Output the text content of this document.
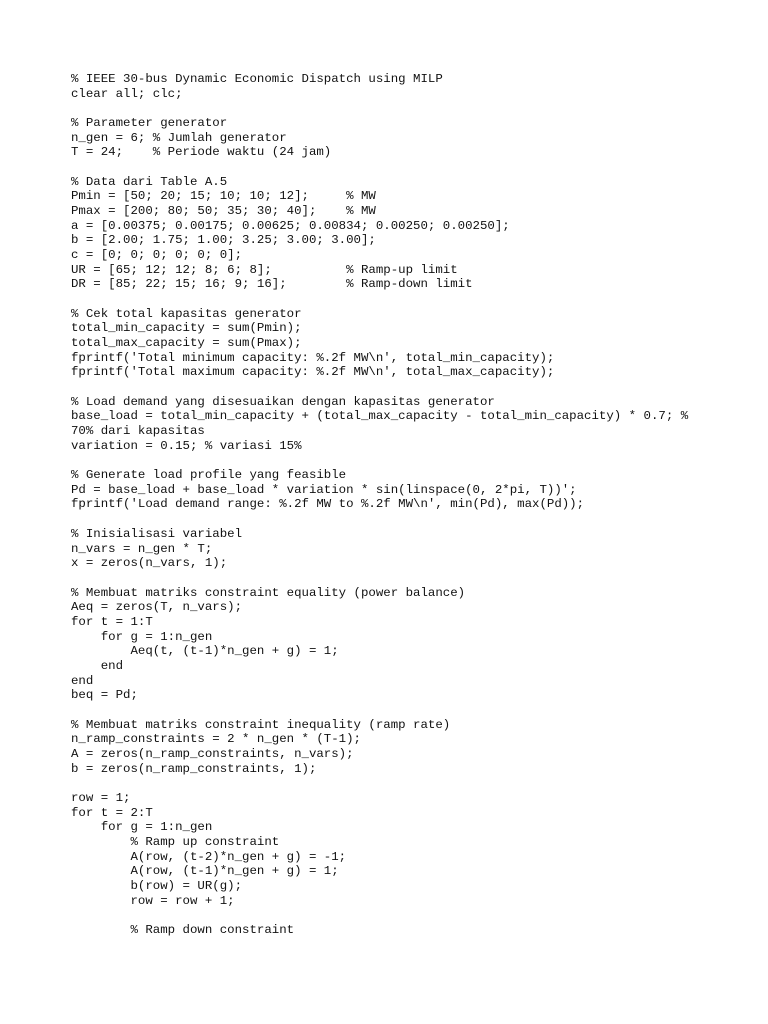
% IEEE 30-bus Dynamic Economic Dispatch using MILP
clear all; clc;
% Parameter generator
n_gen = 6; % Jumlah generator
T = 24;    % Periode waktu (24 jam)
% Data dari Table A.5
Pmin = [50; 20; 15; 10; 10; 12];     % MW
Pmax = [200; 80; 50; 35; 30; 40];    % MW
a = [0.00375; 0.00175; 0.00625; 0.00834; 0.00250; 0.00250];
b = [2.00; 1.75; 1.00; 3.25; 3.00; 3.00];
c = [0; 0; 0; 0; 0; 0];
UR = [65; 12; 12; 8; 6; 8];          % Ramp-up limit
DR = [85; 22; 15; 16; 9; 16];        % Ramp-down limit
% Cek total kapasitas generator
total_min_capacity = sum(Pmin);
total_max_capacity = sum(Pmax);
fprintf('Total minimum capacity: %.2f MW\n', total_min_capacity);
fprintf('Total maximum capacity: %.2f MW\n', total_max_capacity);
% Load demand yang disesuaikan dengan kapasitas generator
base_load = total_min_capacity + (total_max_capacity - total_min_capacity) * 0.7; %
70% dari kapasitas
variation = 0.15; % variasi 15%
% Generate load profile yang feasible
Pd = base_load + base_load * variation * sin(linspace(0, 2*pi, T))';
fprintf('Load demand range: %.2f MW to %.2f MW\n', min(Pd), max(Pd));
% Inisialisasi variabel
n_vars = n_gen * T;
x = zeros(n_vars, 1);
% Membuat matriks constraint equality (power balance)
Aeq = zeros(T, n_vars);
for t = 1:T
for g = 1:n_gen
Aeq(t, (t-1)*n_gen + g) = 1;
end
end
beq = Pd;
% Membuat matriks constraint inequality (ramp rate)
n_ramp_constraints = 2 * n_gen * (T-1);
A = zeros(n_ramp_constraints, n_vars);
b = zeros(n_ramp_constraints, 1);
row = 1;
for t = 2:T
for g = 1:n_gen
% Ramp up constraint
A(row, (t-2)*n_gen + g) = -1;
A(row, (t-1)*n_gen + g) = 1;
b(row) = UR(g);
row = row + 1;
% Ramp down constraint
